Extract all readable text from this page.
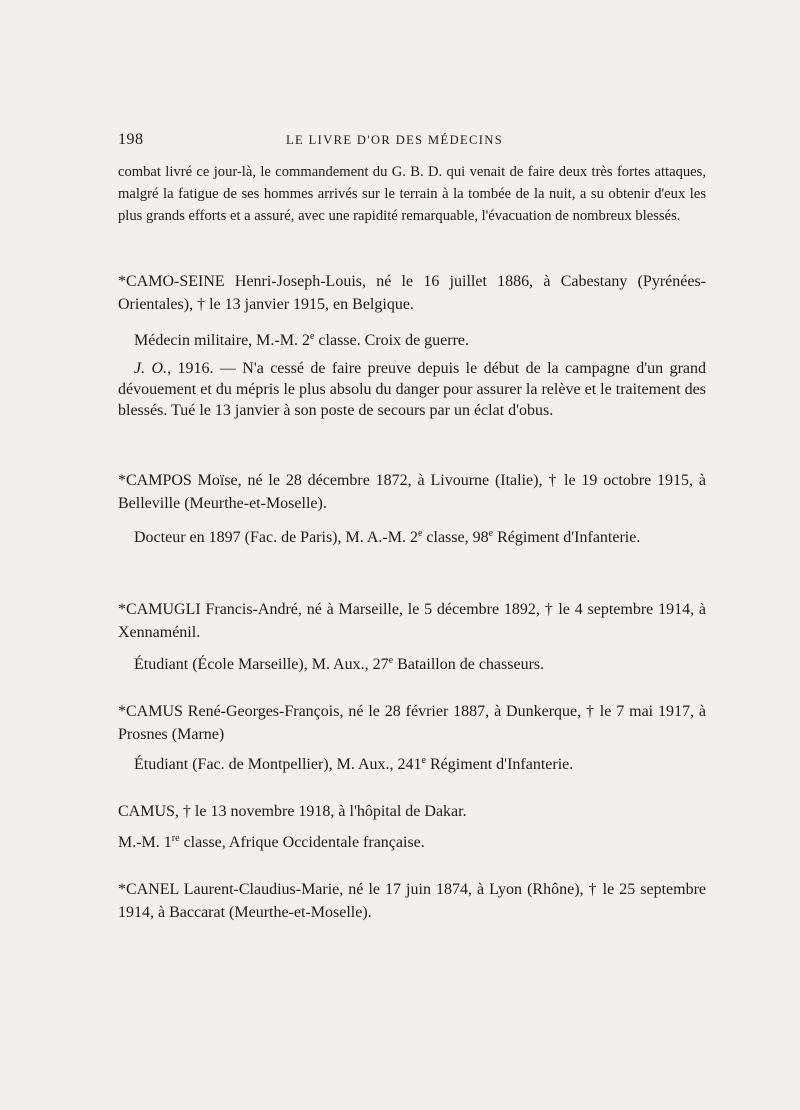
198	LE LIVRE D'OR DES MÉDECINS

combat livré ce jour-là, le commandement du G. B. D. qui venait de faire deux très fortes attaques, malgré la fatigue de ses hommes arrivés sur le terrain à la tombée de la nuit, a su obtenir d'eux les plus grands efforts et a assuré, avec une rapidité remarquable, l'évacuation de nombreux blessés.

*CAMO-SEINE Henri-Joseph-Louis, né le 16 juillet 1886, à Cabestany (Pyrénées-Orientales), † le 13 janvier 1915, en Belgique.

Médecin militaire, M.-M. 2e classe. Croix de guerre.

J. O., 1916. — N'a cessé de faire preuve depuis le début de la campagne d'un grand dévouement et du mépris le plus absolu du danger pour assurer la relève et le traitement des blessés. Tué le 13 janvier à son poste de secours par un éclat d'obus.

*CAMPOS Moïse, né le 28 décembre 1872, à Livourne (Italie), † le 19 octobre 1915, à Belleville (Meurthe-et-Moselle).

Docteur en 1897 (Fac. de Paris), M. A.-M. 2e classe, 98e Régiment d'Infanterie.

*CAMUGLI Francis-André, né à Marseille, le 5 décembre 1892, † le 4 septembre 1914, à Xennaménil.

Étudiant (École Marseille), M. Aux., 27e Bataillon de chasseurs.

*CAMUS René-Georges-François, né le 28 février 1887, à Dunkerque, † le 7 mai 1917, à Prosnes (Marne)

Étudiant (Fac. de Montpellier), M. Aux., 241e Régiment d'Infanterie.

CAMUS, † le 13 novembre 1918, à l'hôpital de Dakar.

M.-M. 1re classe, Afrique Occidentale française.

*CANEL Laurent-Claudius-Marie, né le 17 juin 1874, à Lyon (Rhône), † le 25 septembre 1914, à Baccarat (Meurthe-et-Moselle).
